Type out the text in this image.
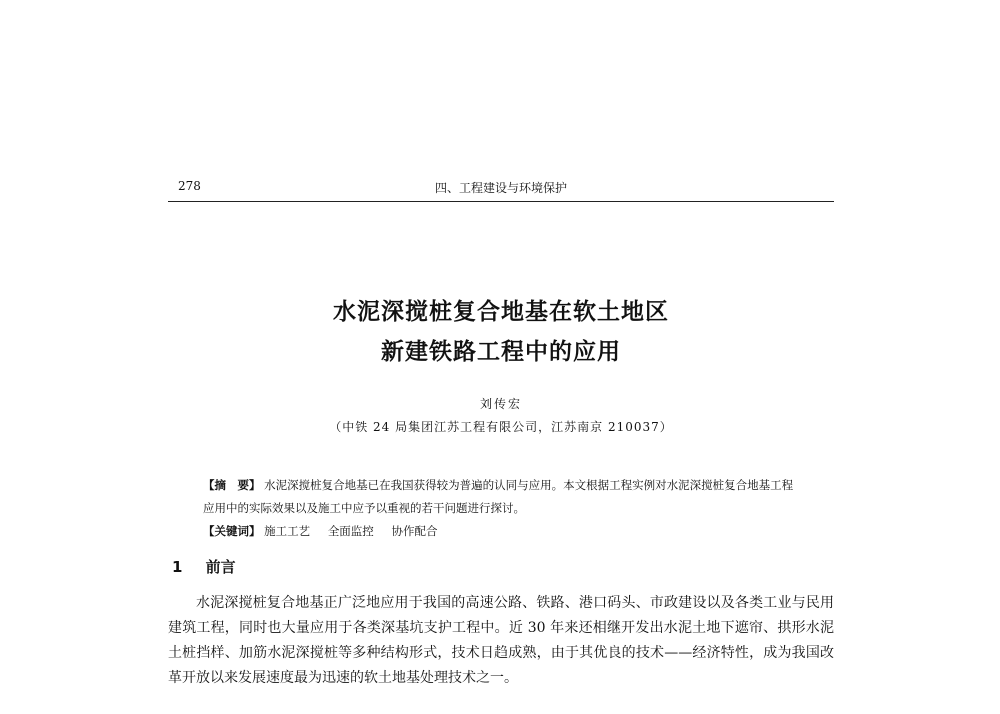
278	四、工程建设与环境保护
水泥深搅桩复合地基在软土地区
新建铁路工程中的应用
刘传宏
（中铁 24 局集团江苏工程有限公司，江苏南京 210037）
【摘　要】 水泥深搅桩复合地基已在我国获得较为普遍的认同与应用。本文根据工程实例对水泥深搅桩复合地基工程应用中的实际效果以及施工中应予以重视的若干问题进行探讨。
【关键词】 施工工艺 全面监控 协作配合
1 前言
水泥深搅桩复合地基正广泛地应用于我国的高速公路、铁路、港口码头、市政建设以及各类工业与民用建筑工程，同时也大量应用于各类深基坑支护工程中。近 30 年来还相继开发出水泥土地下遮帘、拱形水泥土桩挡样、加筋水泥深搅桩等多种结构形式，技术日趋成熟，由于其优良的技术——经济特性，成为我国改革开放以来发展速度最为迅速的软土地基处理技术之一。
